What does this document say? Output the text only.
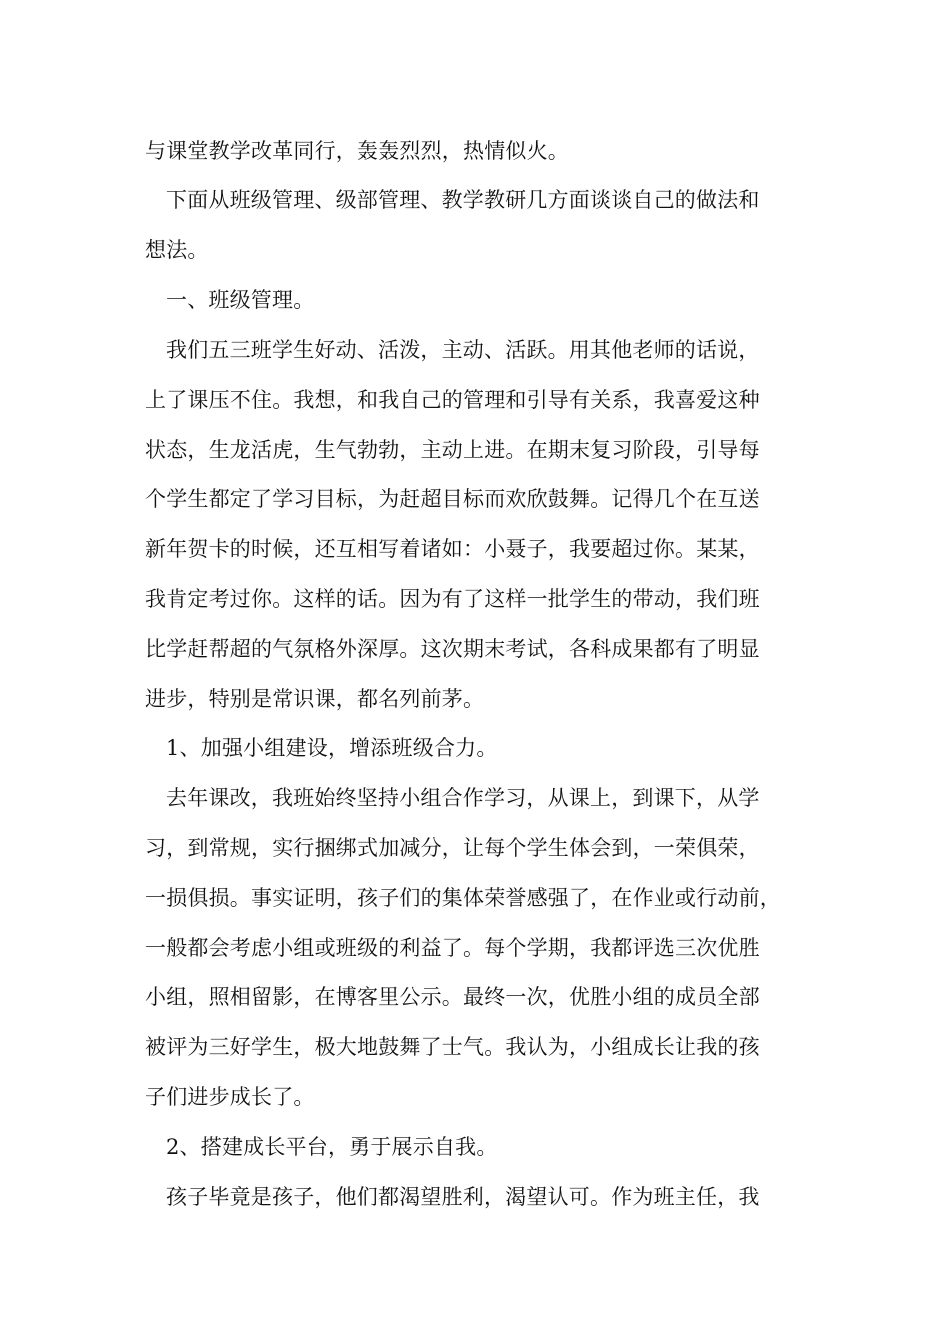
与课堂教学改革同行，轰轰烈烈，热情似火。
下面从班级管理、级部管理、教学教研几方面谈谈自己的做法和
想法。
一、班级管理。
我们五三班学生好动、活泼，主动、活跃。用其他老师的话说，
上了课压不住。我想，和我自己的管理和引导有关系，我喜爱这种
状态，生龙活虎，生气勃勃，主动上进。在期末复习阶段，引导每
个学生都定了学习目标，为赶超目标而欢欣鼓舞。记得几个在互送
新年贺卡的时候，还互相写着诸如：小聂子，我要超过你。某某，
我肯定考过你。这样的话。因为有了这样一批学生的带动，我们班
比学赶帮超的气氛格外深厚。这次期末考试，各科成果都有了明显
进步，特别是常识课，都名列前茅。
1、加强小组建设，增添班级合力。
去年课改，我班始终坚持小组合作学习，从课上，到课下，从学
习，到常规，实行捆绑式加减分，让每个学生体会到，一荣俱荣，
一损俱损。事实证明，孩子们的集体荣誉感强了，在作业或行动前，
一般都会考虑小组或班级的利益了。每个学期，我都评选三次优胜
小组，照相留影，在博客里公示。最终一次，优胜小组的成员全部
被评为三好学生，极大地鼓舞了士气。我认为，小组成长让我的孩
子们进步成长了。
2、搭建成长平台，勇于展示自我。
孩子毕竟是孩子，他们都渴望胜利，渴望认可。作为班主任，我
